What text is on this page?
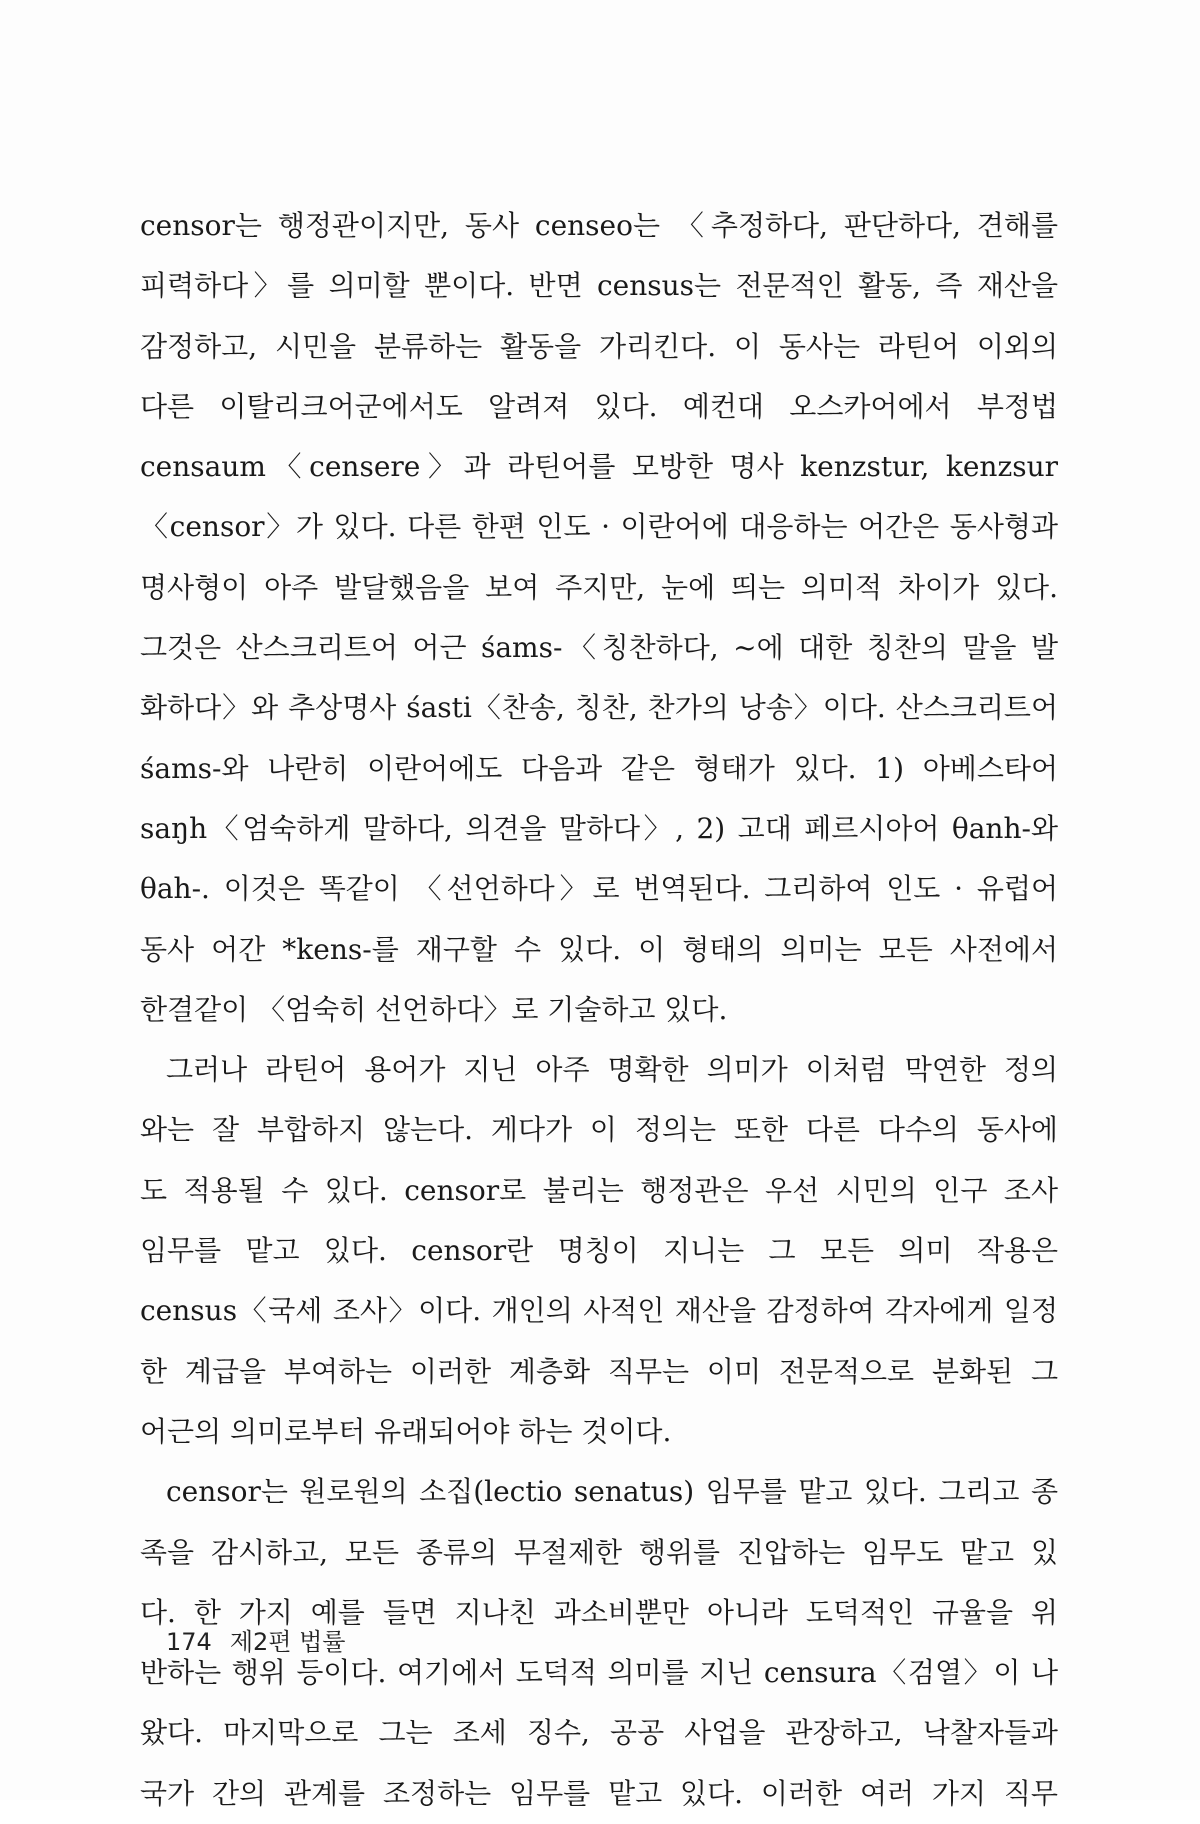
censor는 행정관이지만, 동사 censeo는 〈추정하다, 판단하다, 견해를
피력하다〉를 의미할 뿐이다. 반면 census는 전문적인 활동, 즉 재산을
감정하고, 시민을 분류하는 활동을 가리킨다. 이 동사는 라틴어 이외의
다른 이탈리크어군에서도 알려져 있다. 예컨대 오스카어에서 부정법
censaum〈censere〉과 라틴어를 모방한 명사 kenzstur, kenzsur
〈censor〉가 있다. 다른 한편 인도 · 이란어에 대응하는 어간은 동사형과
명사형이 아주 발달했음을 보여 주지만, 눈에 띄는 의미적 차이가 있다.
그것은 산스크리트어 어근 śams-〈칭찬하다, ~에 대한 칭찬의 말을 발
화하다〉와 추상명사 śasti〈찬송, 칭찬, 찬가의 낭송〉이다. 산스크리트어
śams-와 나란히 이란어에도 다음과 같은 형태가 있다. 1) 아베스타어
saŋh〈엄숙하게 말하다, 의견을 말하다〉, 2) 고대 페르시아어 θanh-와
θah-. 이것은 똑같이 〈선언하다〉로 번역된다. 그리하여 인도 · 유럽어
동사 어간 *kens-를 재구할 수 있다. 이 형태의 의미는 모든 사전에서
한결같이 〈엄숙히 선언하다〉로 기술하고 있다.
그러나 라틴어 용어가 지닌 아주 명확한 의미가 이처럼 막연한 정의
와는 잘 부합하지 않는다. 게다가 이 정의는 또한 다른 다수의 동사에
도 적용될 수 있다. censor로 불리는 행정관은 우선 시민의 인구 조사
임무를 맡고 있다. censor란 명칭이 지니는 그 모든 의미 작용은
census〈국세 조사〉이다. 개인의 사적인 재산을 감정하여 각자에게 일정
한 계급을 부여하는 이러한 계층화 직무는 이미 전문적으로 분화된 그
어근의 의미로부터 유래되어야 하는 것이다.
censor는 원로원의 소집(lectio senatus) 임무를 맡고 있다. 그리고 종
족을 감시하고, 모든 종류의 무절제한 행위를 진압하는 임무도 맡고 있
다. 한 가지 예를 들면 지나친 과소비뿐만 아니라 도덕적인 규율을 위
반하는 행위 등이다. 여기에서 도덕적 의미를 지닌 censura〈검열〉이 나
왔다. 마지막으로 그는 조세 징수, 공공 사업을 관장하고, 낙찰자들과
국가 간의 관계를 조정하는 임무를 맡고 있다. 이러한 여러 가지 직무
174 제2편 법률
